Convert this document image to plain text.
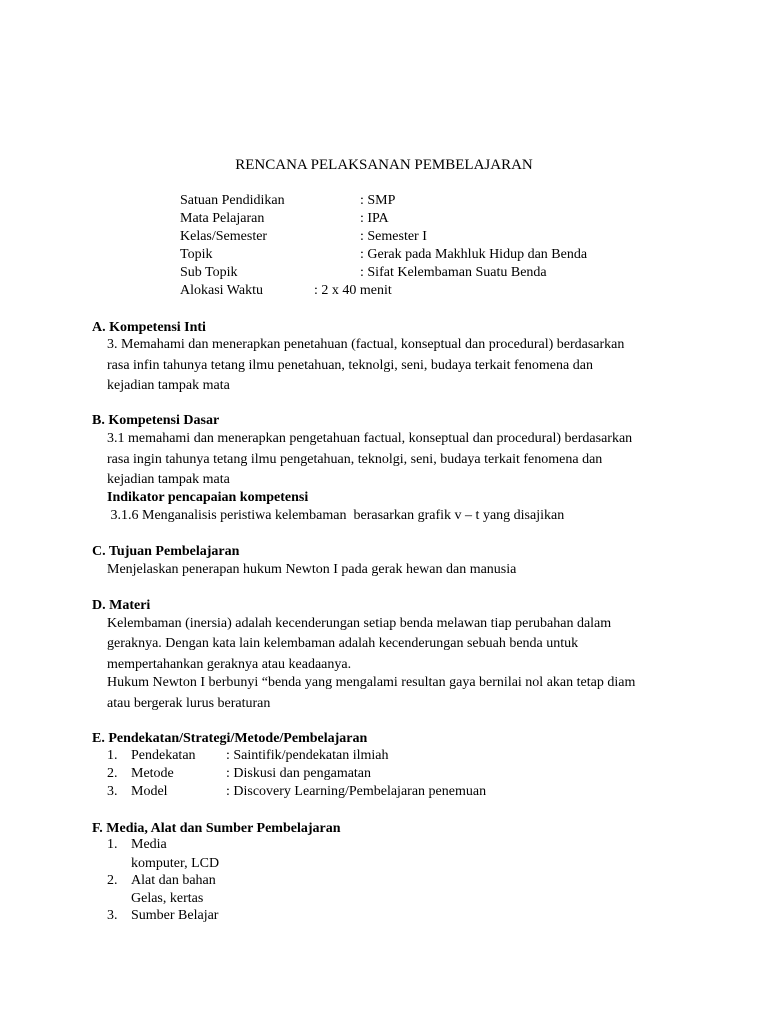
RENCANA PELAKSANAN PEMBELAJARAN
Satuan Pendidikan	: SMP
Mata Pelajaran	: IPA
Kelas/Semester	: Semester I
Topik	: Gerak pada Makhluk Hidup dan Benda
Sub Topik	: Sifat Kelembaman Suatu Benda
Alokasi Waktu	: 2 x 40 menit
A. Kompetensi Inti
3. Memahami dan menerapkan penetahuan (factual, konseptual dan procedural) berdasarkan
rasa infin tahunya tetang ilmu penetahuan, teknolgi, seni, budaya terkait fenomena dan
kejadian tampak mata
B. Kompetensi Dasar
3.1 memahami dan menerapkan pengetahuan factual, konseptual dan procedural) berdasarkan
rasa ingin tahunya tetang ilmu pengetahuan, teknolgi, seni, budaya terkait fenomena dan
kejadian tampak mata
Indikator pencapaian kompetensi
3.1.6 Menganalisis peristiwa kelembaman  berasarkan grafik v – t yang disajikan
C. Tujuan Pembelajaran
Menjelaskan penerapan hukum Newton I pada gerak hewan dan manusia
D. Materi
Kelembaman (inersia) adalah kecenderungan setiap benda melawan tiap perubahan dalam
geraknya. Dengan kata lain kelembaman adalah kecenderungan sebuah benda untuk
mempertahankan geraknya atau keadaanya.
Hukum Newton I berbunyi “benda yang mengalami resultan gaya bernilai nol akan tetap diam
atau bergerak lurus beraturan
E. Pendekatan/Strategi/Metode/Pembelajaran
1. Pendekatan : Saintifik/pendekatan ilmiah
2. Metode	: Diskusi dan pengamatan
3. Model	: Discovery Learning/Pembelajaran penemuan
F. Media, Alat dan Sumber Pembelajaran
1. Media
komputer, LCD
2. Alat dan bahan
Gelas, kertas
3. Sumber Belajar
